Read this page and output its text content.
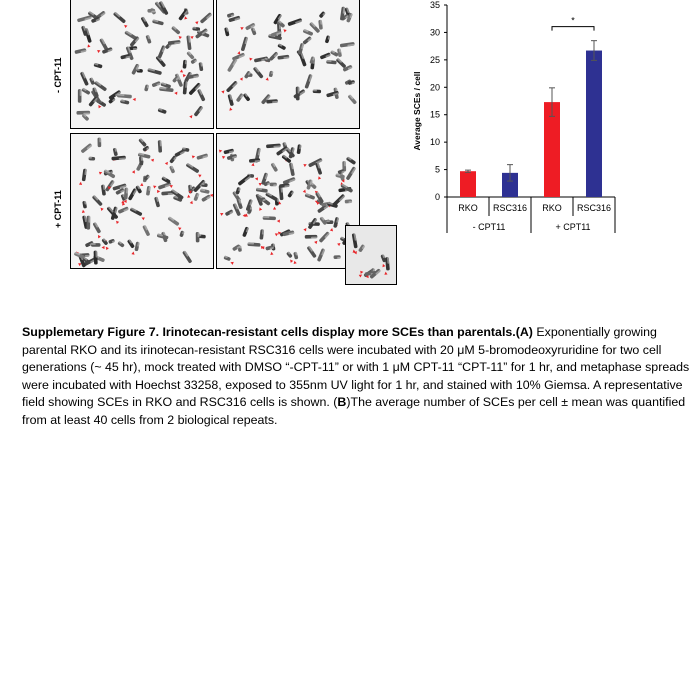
- CPT-11
+ CPT-11	0
5
10
15
20
25
30
35
Average SCEs / cell
RKO RSC316 RKO RSC316
- CPT11	+ CPT11
*

Supplemetary Figure 7. Irinotecan-resistant cells display more SCEs than parentals.(A) Exponentially growing parental RKO and its irinotecan-resistant RSC316 cells were incubated with 20 μM 5-bromodeoxyruridine for two cell generations (~ 45 hr), mock treated with DMSO “-CPT-11” or with 1 μM CPT-11 “CPT-11” for 1 hr, and metaphase spreads were incubated with Hoechst 33258, exposed to 355nm UV light for 1 hr, and stained with 10% Giemsa. A representative field showing SCEs in RKO and RSC316 cells is shown. (B)The average number of SCEs per cell ± mean was quantified from at least 40 cells from 2 biological repeats.
